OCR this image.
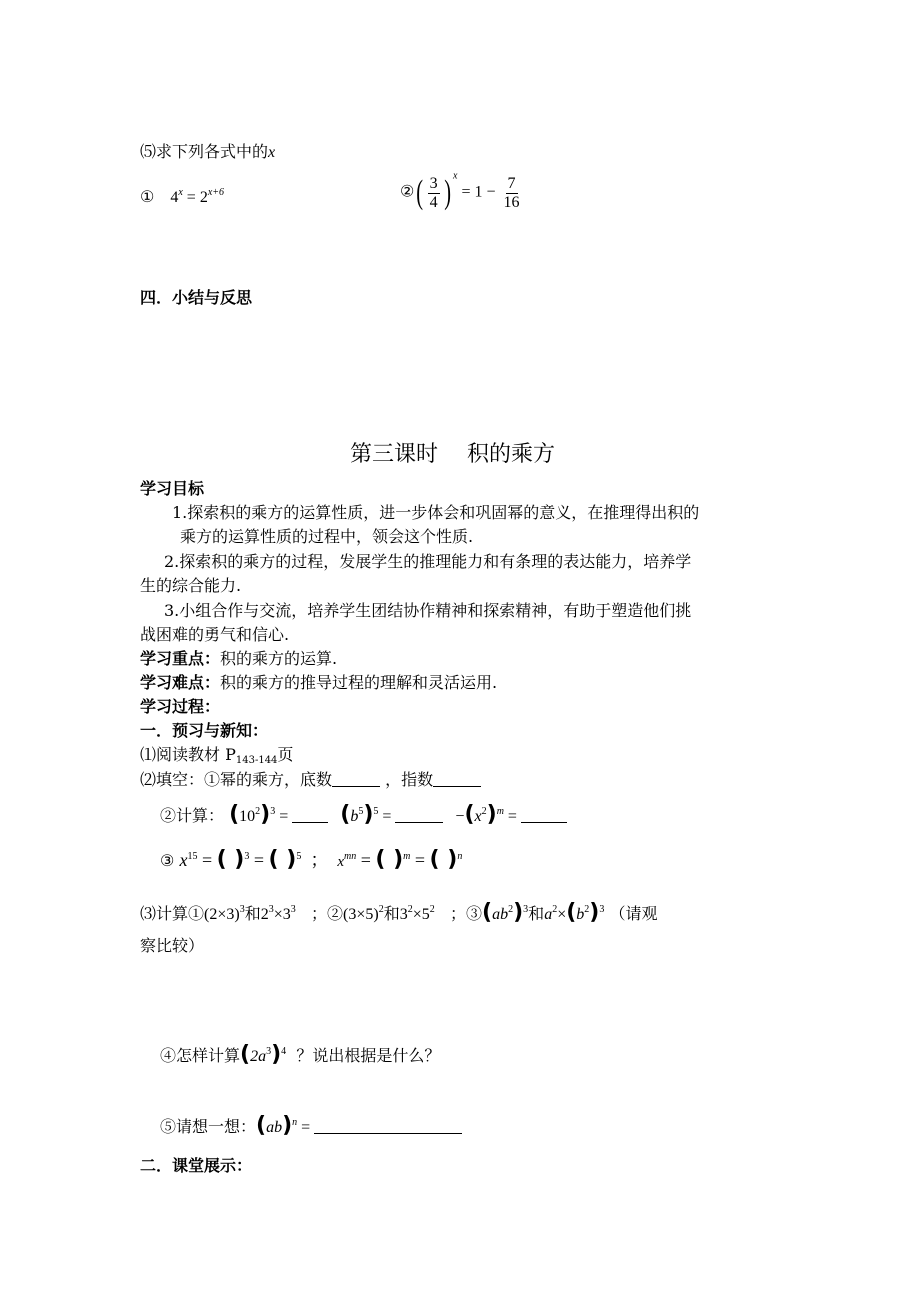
⑸求下列各式中的x
① $4^x = 2^{x+6}$	②( $\frac{3}{4}$ ) $^x = 1 - \frac{7}{16}$
四．小结与反思
第三课时　 积的乘方
学习目标
1.探索积的乘方的运算性质，进一步体会和巩固幂的意义，在推理得出积的
乘方的运算性质的过程中，领会这个性质.
2.探索积的乘方的过程，发展学生的推理能力和有条理的表达能力，培养学
生的综合能力.
3.小组合作与交流，培养学生团结协作精神和探索精神，有助于塑造他们挑
战困难的勇气和信心.
学习重点：积的乘方的运算.
学习难点：积的乘方的推导过程的理解和灵活运用.
学习过程：
一．预习与新知：
⑴阅读教材 $P_{143-144}$页
⑵填空：①幂的乘方，底数	，指数
②计算： $(10^2)^3 = (b^5)^5$ =	$-(x^2)^m$ =
③ $x^{15}$ = ( )$^3$ = ( )$^5$ ； $x^{mn}$ = ( )$^m$ = ( )$^n$
⑶计算$①(2\times 3)^3$和$2^3\times 3^3$ ；$②(3\times 5)^2$和$3^2\times 5^2$ ；$③(ab^2)^3$和$a^2\times(b^2)^3$ （请观
察比较）
④怎样计算$(2a^3)^4$ ？说出根据是什么？
⑤请想一想：(ab)$^n$ =
二．课堂展示：
